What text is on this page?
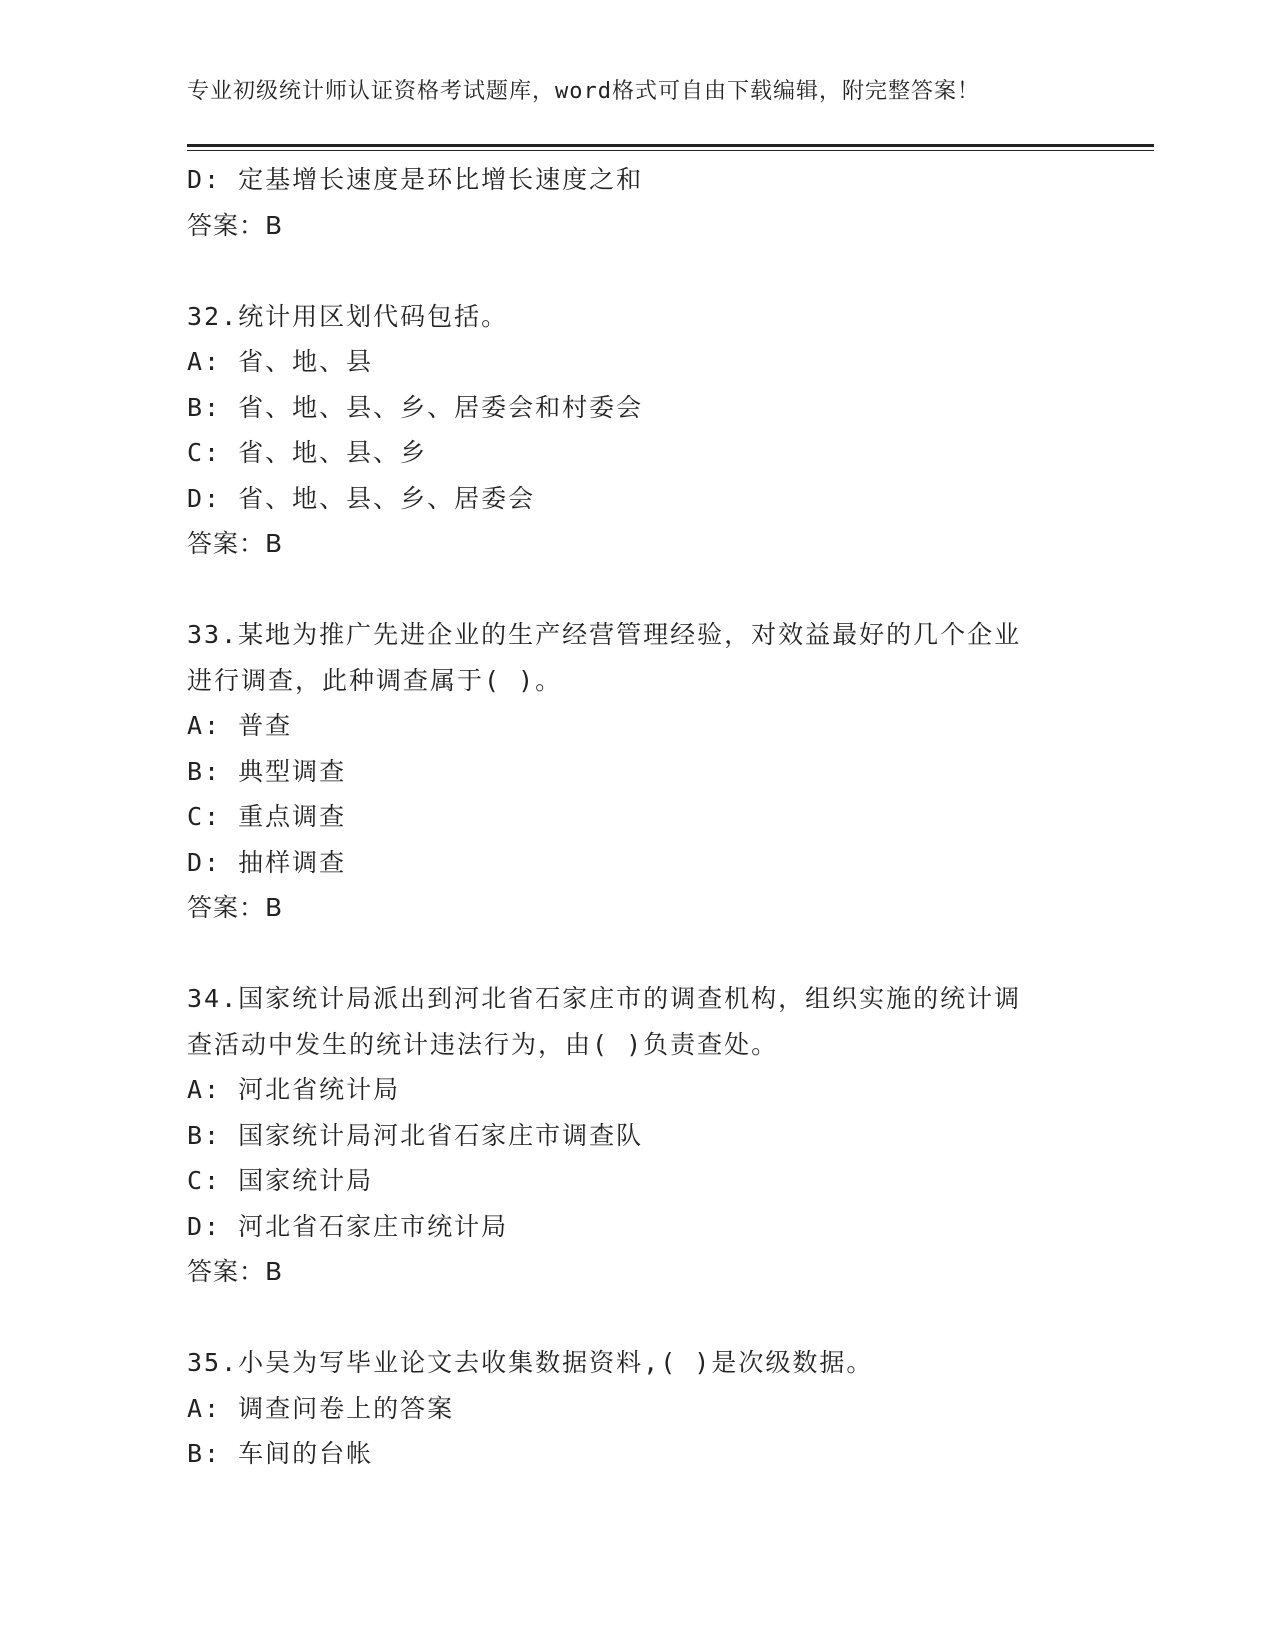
专业初级统计师认证资格考试题库，word格式可自由下载编辑，附完整答案！
D: 定基增长速度是环比增长速度之和
答案：B
32.统计用区划代码包括。
A: 省、地、县
B: 省、地、县、乡、居委会和村委会
C: 省、地、县、乡
D: 省、地、县、乡、居委会
答案：B
33.某地为推广先进企业的生产经营管理经验，对效益最好的几个企业
进行调查，此种调查属于( )。
A: 普查
B: 典型调查
C: 重点调查
D: 抽样调查
答案：B
34.国家统计局派出到河北省石家庄市的调查机构，组织实施的统计调
查活动中发生的统计违法行为，由( )负责查处。
A: 河北省统计局
B: 国家统计局河北省石家庄市调查队
C: 国家统计局
D: 河北省石家庄市统计局
答案：B
35.小吴为写毕业论文去收集数据资料,( )是次级数据。
A: 调查问卷上的答案
B: 车间的台帐
